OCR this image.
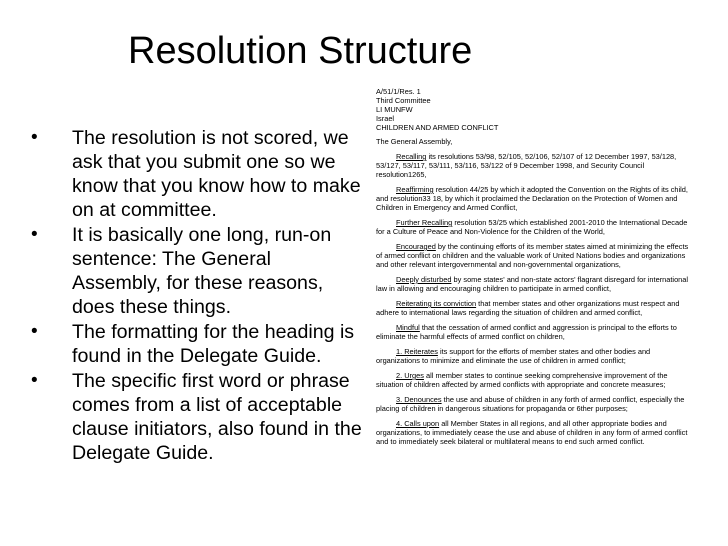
Resolution Structure
• The resolution is not scored, we ask that you submit one so we know that you know how to make on at committee.
• It is basically one long, run-on sentence: The General Assembly, for these reasons, does these things.
• The formatting for the heading is found in the Delegate Guide.
• The specific first word or phrase comes from a list of acceptable clause initiators, also found in the Delegate Guide.
A/51/1/Res. 1
Third Committee
LI MUNFW
Israel
CHILDREN AND ARMED CONFLICT

The General Assembly,

Recalling its resolutions 53/98, 52/105, 52/106, 52/107 of 12 December 1997, 53/128, 53/127, 53/117, 53/111, 53/116, 53/122 of 9 December 1998, and Security Council resolution1265,

Reaffirming resolution 44/25 by which it adopted the Convention on the Rights of its child, and resolution33 18, by which it proclaimed the Declaration on the Protection of Women and Children in Emergency and Armed Conflict,

Further Recalling resolution 53/25 which established 2001-2010 the International Decade for a Culture of Peace and Non-Violence for the Children of the World,

Encouraged by the continuing efforts of its member states aimed at minimizing the effects of armed conflict on children and the valuable work of United Nations bodies and organizations and other relevant intergovernmental and non-governmental organizations,

Deeply disturbed by some states' and non-state actors' flagrant disregard for international law in allowing and encouraging children to participate in armed conflict,

Reiterating its conviction that member states and other organizations must respect and adhere to international laws regarding the situation of children and armed conflict,

Mindful that the cessation of armed conflict and aggression is principal to the efforts to eliminate the harmful effects of armed conflict on children,

1. Reiterates its support for the efforts of member states and other bodies and organizations to minimize and eliminate the use of children in armed conflict;

2. Urges all member states to continue seeking comprehensive improvement of the situation of children affected by armed conflicts with appropriate and concrete measures;

3. Denounces the use and abuse of children in any forth of armed conflict, especially the placing of children in dangerous situations for propaganda or 6ther purposes;

4. Calls upon all Member States in all regions, and all other appropriate bodies and organizations, to immediately cease the use and abuse of children in any form of armed conflict and to immediately seek bilateral or multilateral means to end such armed conflict.
